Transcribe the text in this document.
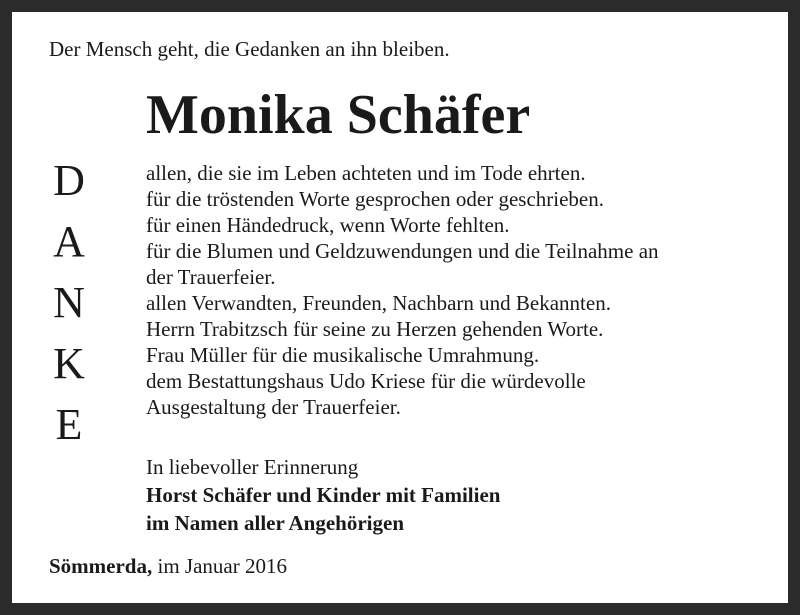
Der Mensch geht, die Gedanken an ihn bleiben.
Monika Schäfer
D
A
N
K
E
allen, die sie im Leben achteten und im Tode ehrten.
für die tröstenden Worte gesprochen oder geschrieben.
für einen Händedruck, wenn Worte fehlten.
für die Blumen und Geldzuwendungen und die Teilnahme an
der Trauerfeier.
allen Verwandten, Freunden, Nachbarn und Bekannten.
Herrn Trabitzsch für seine zu Herzen gehenden Worte.
Frau Müller für die musikalische Umrahmung.
dem Bestattungshaus Udo Kriese für die würdevolle
Ausgestaltung der Trauerfeier.
In liebevoller Erinnerung
Horst Schäfer und Kinder mit Familien
im Namen aller Angehörigen
Sömmerda, im Januar 2016
